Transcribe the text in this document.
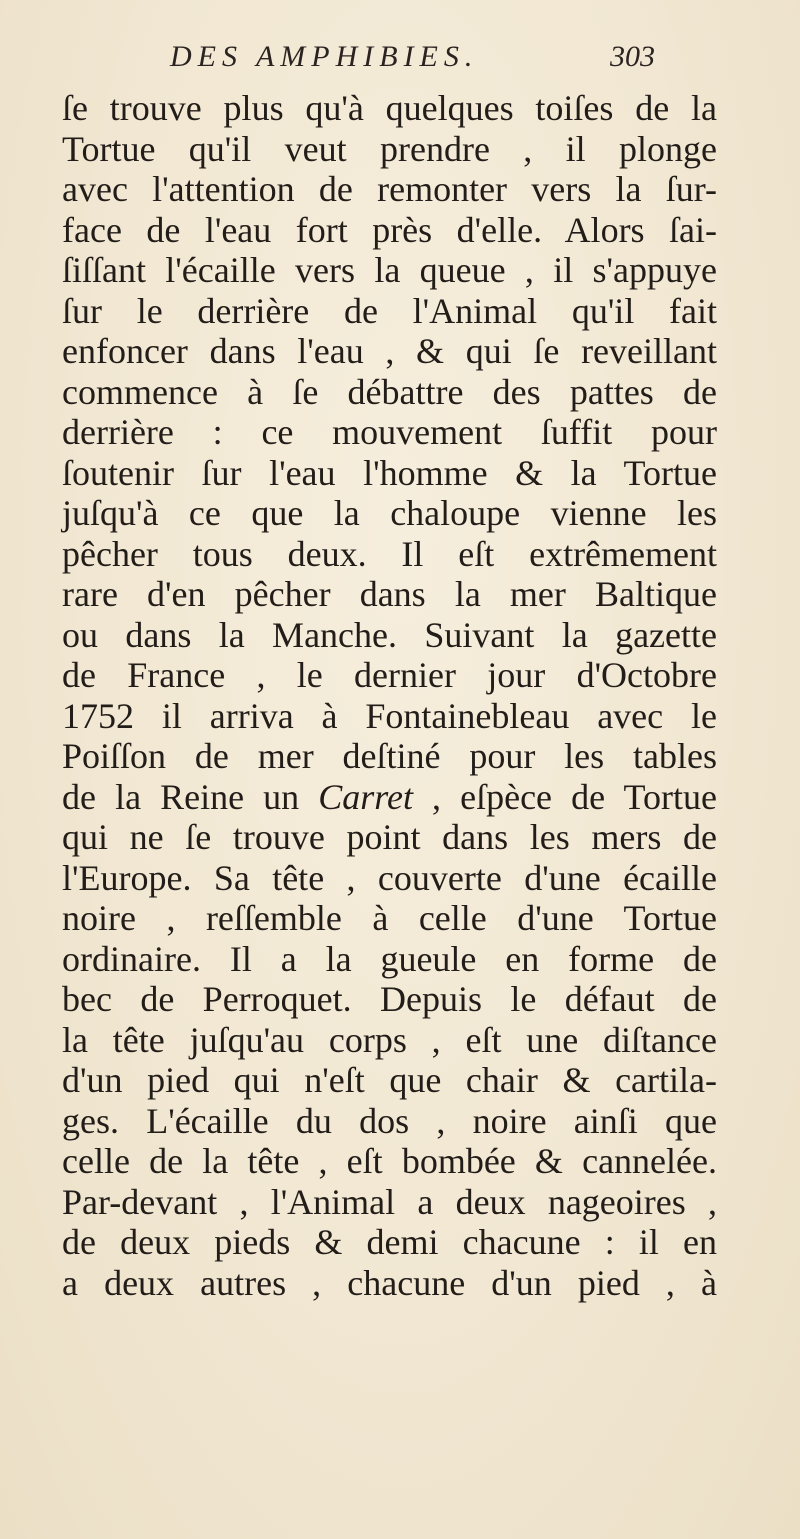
DES AMPHIBIES.	303
ſe trouve plus qu'à quelques toiſes de la
Tortue qu'il veut prendre , il plonge
avec l'attention de remonter vers la ſur-
face de l'eau fort près d'elle. Alors ſai-
ſiſſant l'écaille vers la queue , il s'appuye
ſur le derrière de l'Animal qu'il fait
enfoncer dans l'eau , & qui ſe reveillant
commence à ſe débattre des pattes de
derrière : ce mouvement ſuffit pour
ſoutenir ſur l'eau l'homme & la Tortue
juſqu'à ce que la chaloupe vienne les
pêcher tous deux. Il eſt extrêmement
rare d'en pêcher dans la mer Baltique
ou dans la Manche. Suivant la gazette
de France , le dernier jour d'Octobre
1752 il arriva à Fontainebleau avec le
Poiſſon de mer deſtiné pour les tables
de la Reine un Carret , eſpèce de Tortue
qui ne ſe trouve point dans les mers de
l'Europe. Sa tête , couverte d'une écaille
noire , reſſemble à celle d'une Tortue
ordinaire. Il a la gueule en forme de
bec de Perroquet. Depuis le défaut de
la tête juſqu'au corps , eſt une diſtance
d'un pied qui n'eſt que chair & cartila-
ges. L'écaille du dos , noire ainſi que
celle de la tête , eſt bombée & cannelée.
Par-devant , l'Animal a deux nageoires ,
de deux pieds & demi chacune : il en
a deux autres , chacune d'un pied , à
